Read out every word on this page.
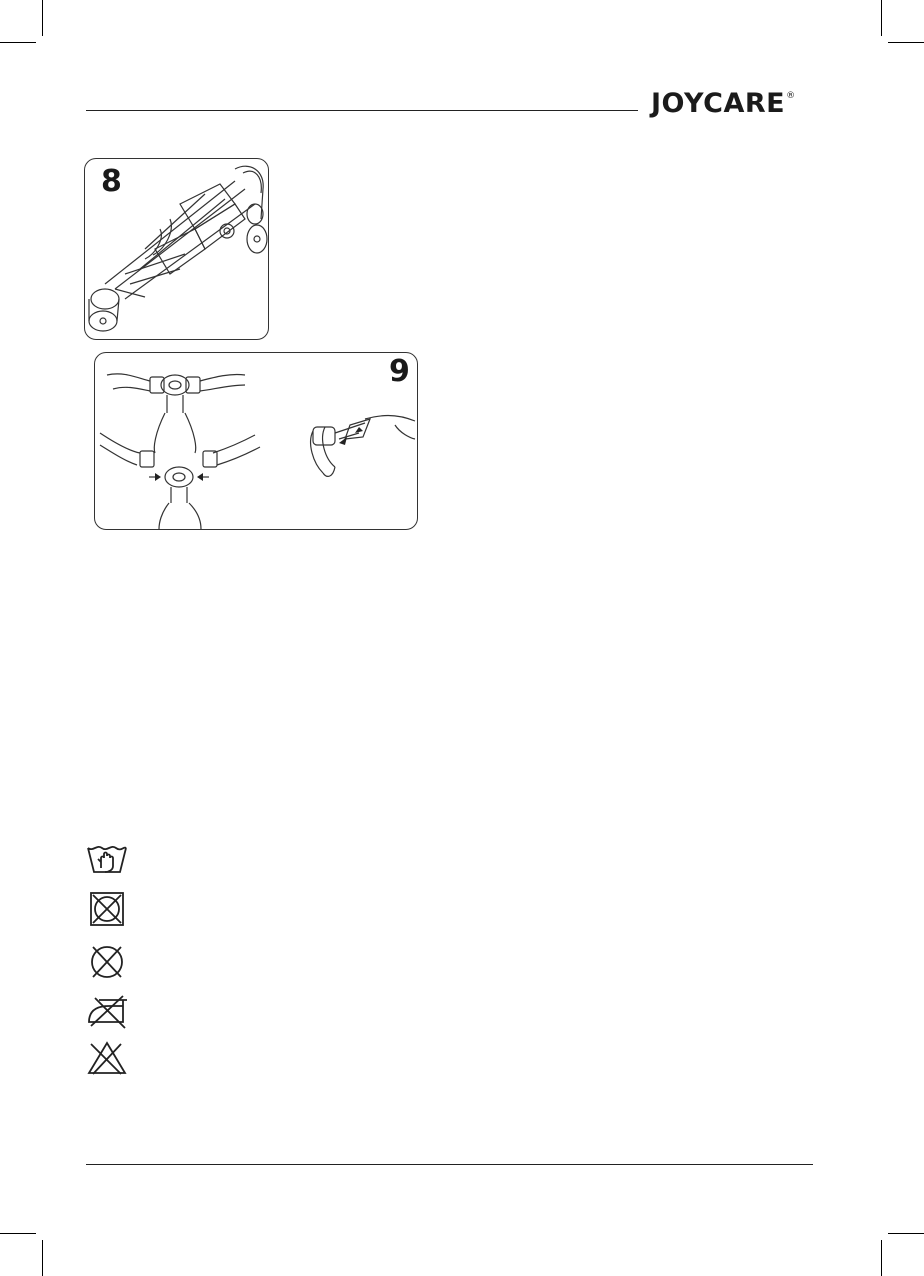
JOYCARE®
8
9
